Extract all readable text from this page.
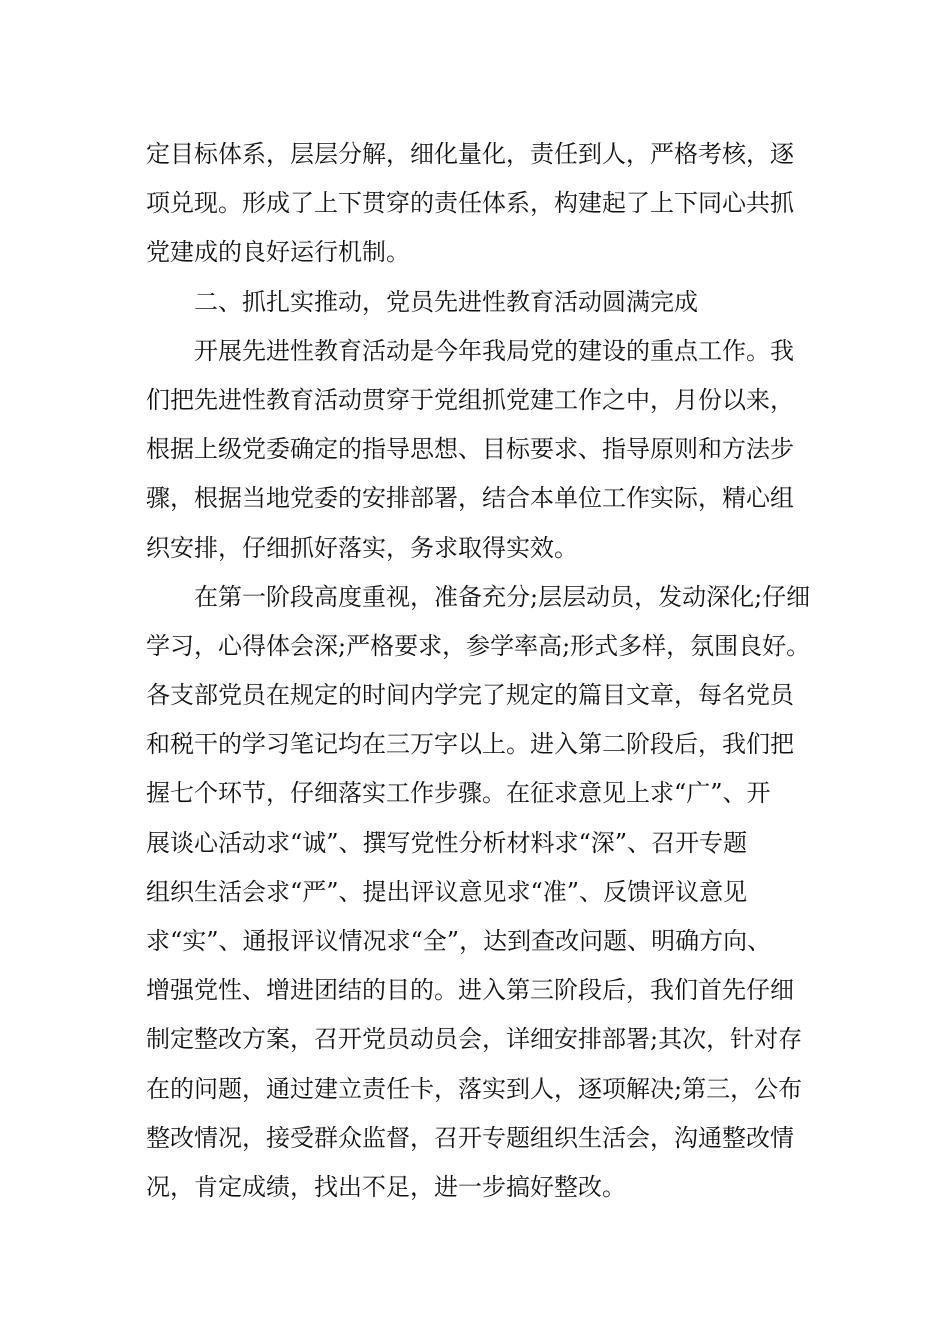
定目标体系，层层分解，细化量化，责任到人，严格考核，逐
项兑现。形成了上下贯穿的责任体系，构建起了上下同心共抓
党建成的良好运行机制。
　　二、抓扎实推动，党员先进性教育活动圆满完成
　　开展先进性教育活动是今年我局党的建设的重点工作。我
们把先进性教育活动贯穿于党组抓党建工作之中，月份以来，
根据上级党委确定的指导思想、目标要求、指导原则和方法步
骤，根据当地党委的安排部署，结合本单位工作实际，精心组
织安排，仔细抓好落实，务求取得实效。
　　在第一阶段高度重视，准备充分;层层动员，发动深化;仔细
学习，心得体会深;严格要求，参学率高;形式多样，氛围良好。
各支部党员在规定的时间内学完了规定的篇目文章，每名党员
和税干的学习笔记均在三万字以上。进入第二阶段后，我们把
握七个环节，仔细落实工作步骤。在征求意见上求“广”、开
展谈心活动求“诚”、撰写党性分析材料求“深”、召开专题
组织生活会求“严”、提出评议意见求“准”、反馈评议意见
求“实”、通报评议情况求“全”，达到查改问题、明确方向、
增强党性、增进团结的目的。进入第三阶段后，我们首先仔细
制定整改方案，召开党员动员会，详细安排部署;其次，针对存
在的问题，通过建立责任卡，落实到人，逐项解决;第三，公布
整改情况，接受群众监督，召开专题组织生活会，沟通整改情
况，肯定成绩，找出不足，进一步搞好整改。
